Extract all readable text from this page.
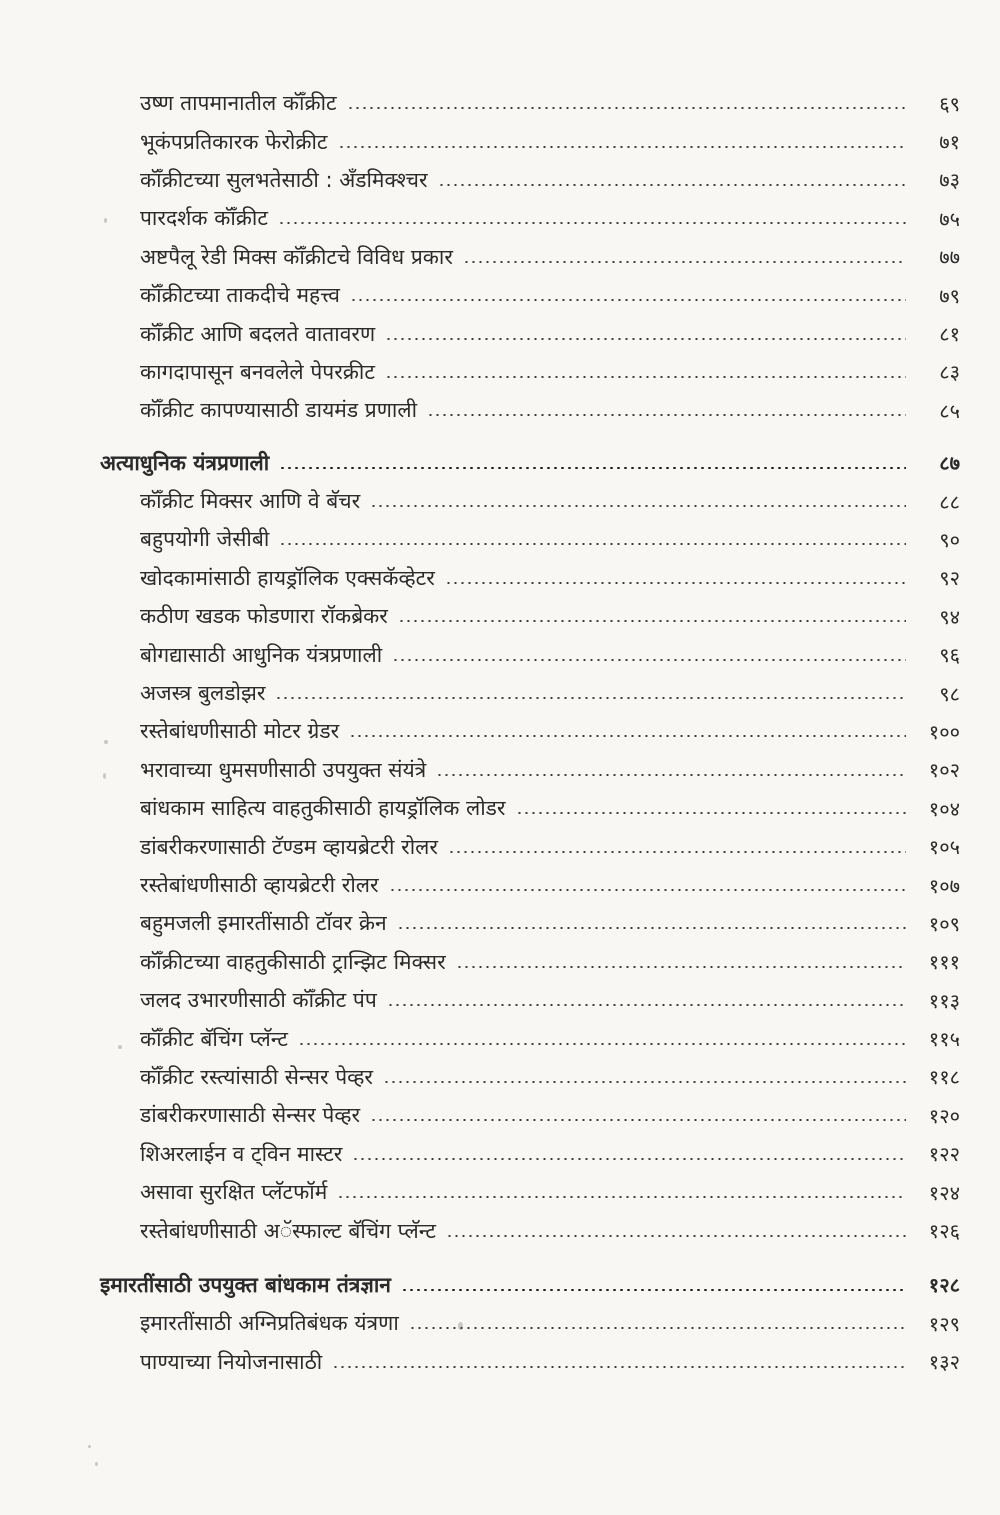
उष्ण तापमानातील कॉँक्रीट	६९
भूकंपप्रतिकारक फेरोक्रीट	७१
कॉँक्रीटच्या सुलभतेसाठी : अँडमिक्श्चर	७३
पारदर्शक कॉँक्रीट	७५
अष्टपैलू रेडी मिक्स कॉँक्रीटचे विविध प्रकार	७७
कॉँक्रीटच्या ताकदीचे महत्त्व	७९
कॉँक्रीट आणि बदलते वातावरण	८१
कागदापासून बनवलेले पेपरक्रीट	८३
कॉँक्रीट कापण्यासाठी डायमंड प्रणाली	८५
अत्याधुनिक यंत्रप्रणाली	८७
कॉँक्रीट मिक्सर आणि वे बॅचर	८८
बहुपयोगी जेसीबी	९०
खोदकामांसाठी हायड्रॉलिक एक्सकॅव्हेटर	९२
कठीण खडक फोडणारा रॉकब्रेकर	९४
बोगद्यासाठी आधुनिक यंत्रप्रणाली	९६
अजस्त्र बुलडोझर	९८
रस्तेबांधणीसाठी मोटर ग्रेडर	१००
भरावाच्या धुमसणीसाठी उपयुक्त संयंत्रे	१०२
बांधकाम साहित्य वाहतुकीसाठी हायड्रॉलिक लोडर	१०४
डांबरीकरणासाठी टॅण्डम व्हायब्रेटरी रोलर	१०५
रस्तेबांधणीसाठी व्हायब्रेटरी रोलर	१०७
बहुमजली इमारतींसाठी टॉवर क्रेन	१०९
कॉँक्रीटच्या वाहतुकीसाठी ट्रान्झिट मिक्सर	१११
जलद उभारणीसाठी कॉँक्रीट पंप	११३
कॉँक्रीट बॅचिंग प्लॅन्ट	११५
कॉँक्रीट रस्त्यांसाठी सेन्सर पेव्हर	११८
डांबरीकरणासाठी सेन्सर पेव्हर	१२०
शिअरलाईन व ट्विन मास्टर	१२२
असावा सुरक्षित प्लॅटफॉर्म	१२४
रस्तेबांधणीसाठी अॅस्फाल्ट बॅचिंग प्लॅन्ट	१२६
इमारतींसाठी उपयुक्त बांधकाम तंत्रज्ञान	१२८
इमारतींसाठी अग्निप्रतिबंधक यंत्रणा	१२९
पाण्याच्या नियोजनासाठी	१३२
